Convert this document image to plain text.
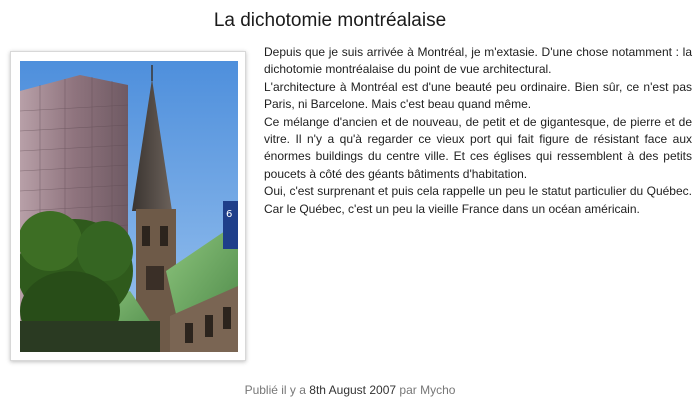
La dichotomie montréalaise
6

Depuis que je suis arrivée à Montréal, je m'extasie. D'une chose notamment : la dichotomie montréalaise du point de vue architectural.

L'architecture à Montréal est d'une beauté peu ordinaire. Bien sûr, ce n'est pas Paris, ni Barcelone. Mais c'est beau quand même.

Ce mélange d'ancien et de nouveau, de petit et de gigantesque, de pierre et de vitre. Il n'y a qu'à regarder ce vieux port qui fait figure de résistant face aux énormes buildings du centre ville. Et ces églises qui ressemblent à des petits poucets à côté des géants bâtiments d'habitation.

Oui, c'est surprenant et puis cela rappelle un peu le statut particulier du Québec. Car le Québec, c'est un peu la vieille France dans un océan américain.

Publié il y a 8th August 2007 par Mycho
